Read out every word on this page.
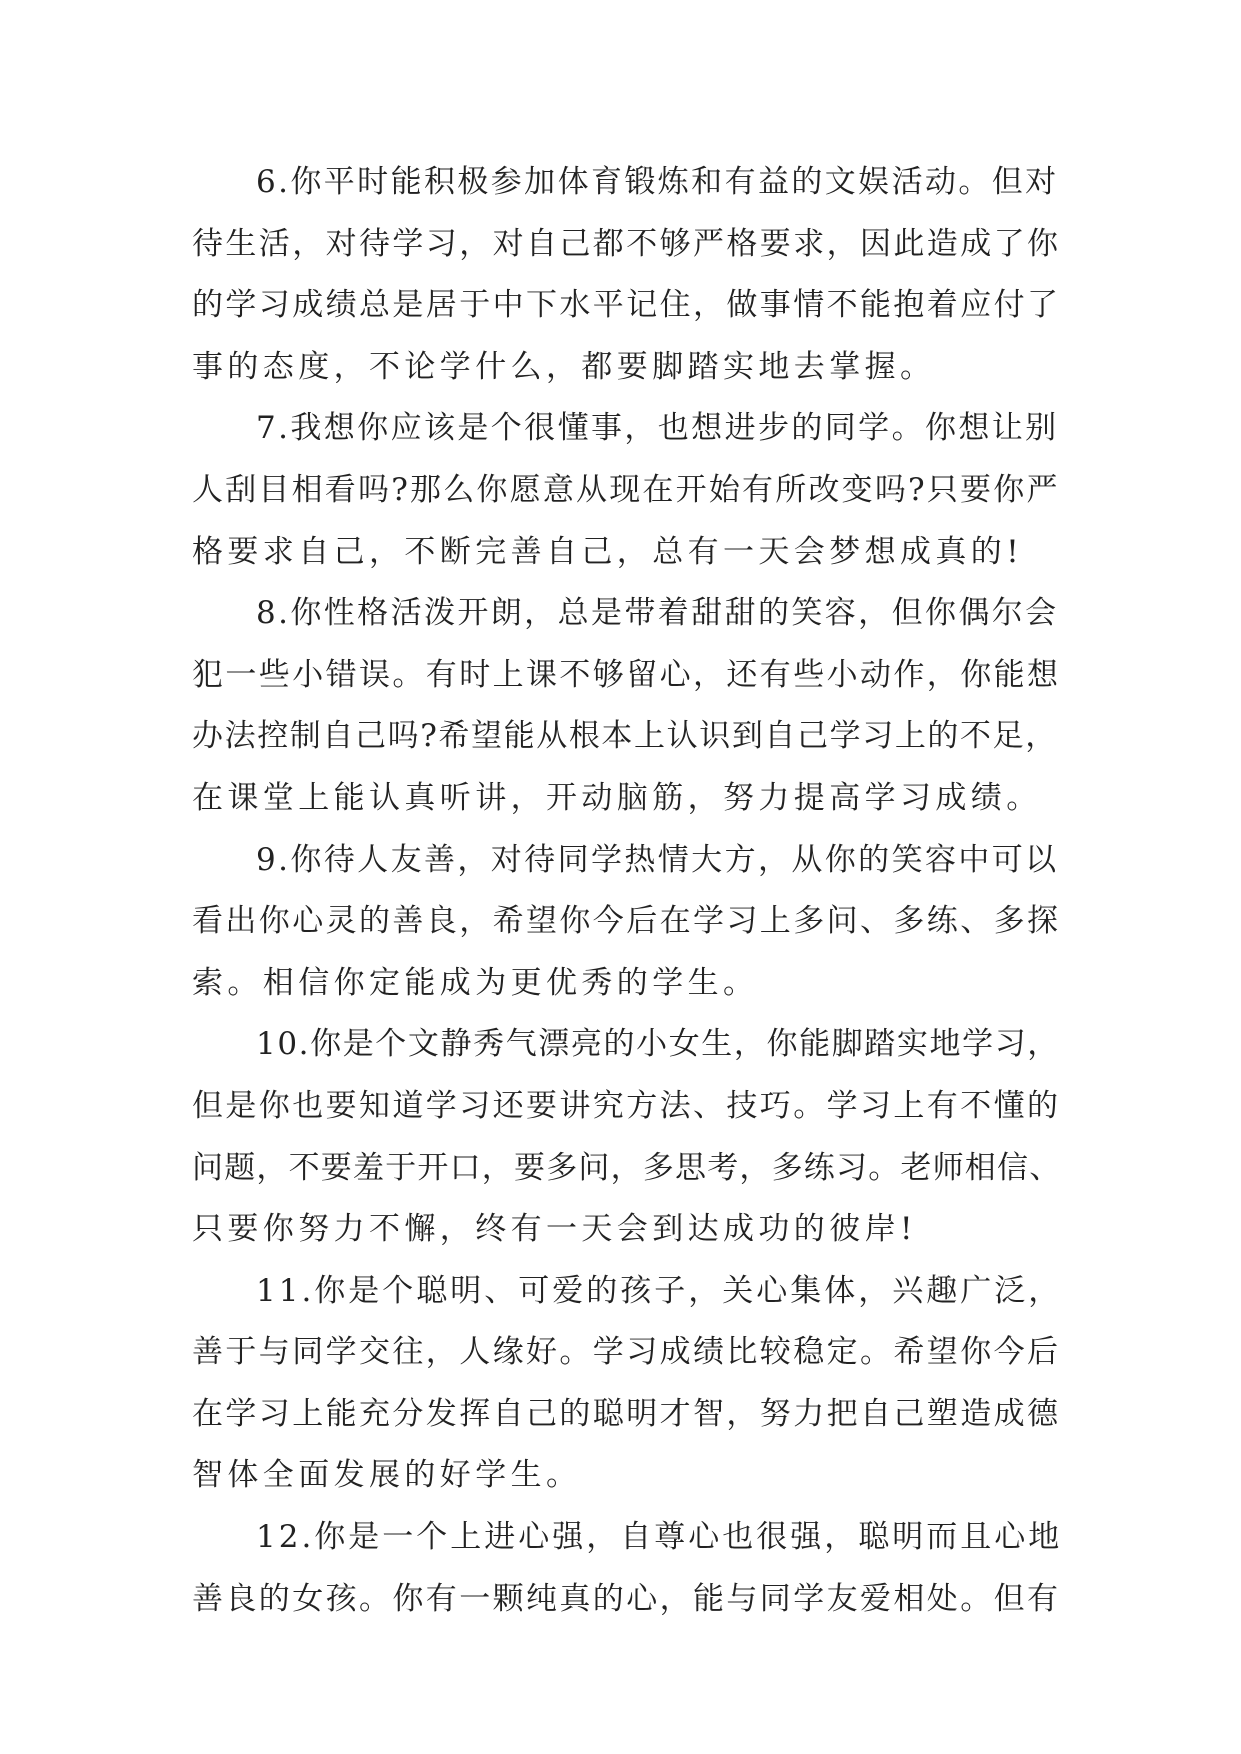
6.你平时能积极参加体育锻炼和有益的文娱活动。但对
待生活，对待学习，对自己都不够严格要求，因此造成了你
的学习成绩总是居于中下水平记住，做事情不能抱着应付了
事的态度，不论学什么，都要脚踏实地去掌握。
7.我想你应该是个很懂事，也想进步的同学。你想让别
人刮目相看吗?那么你愿意从现在开始有所改变吗?只要你严
格要求自己，不断完善自己，总有一天会梦想成真的!
8.你性格活泼开朗，总是带着甜甜的笑容，但你偶尔会
犯一些小错误。有时上课不够留心，还有些小动作，你能想
办法控制自己吗?希望能从根本上认识到自己学习上的不足，
在课堂上能认真听讲，开动脑筋，努力提高学习成绩。
9.你待人友善，对待同学热情大方，从你的笑容中可以
看出你心灵的善良，希望你今后在学习上多问、多练、多探
索。相信你定能成为更优秀的学生。
10.你是个文静秀气漂亮的小女生，你能脚踏实地学习，
但是你也要知道学习还要讲究方法、技巧。学习上有不懂的
问题，不要羞于开口，要多问，多思考，多练习。老师相信、
只要你努力不懈，终有一天会到达成功的彼岸!
11.你是个聪明、可爱的孩子，关心集体，兴趣广泛，
善于与同学交往，人缘好。学习成绩比较稳定。希望你今后
在学习上能充分发挥自己的聪明才智，努力把自己塑造成德
智体全面发展的好学生。
12.你是一个上进心强，自尊心也很强，聪明而且心地
善良的女孩。你有一颗纯真的心，能与同学友爱相处。但有
